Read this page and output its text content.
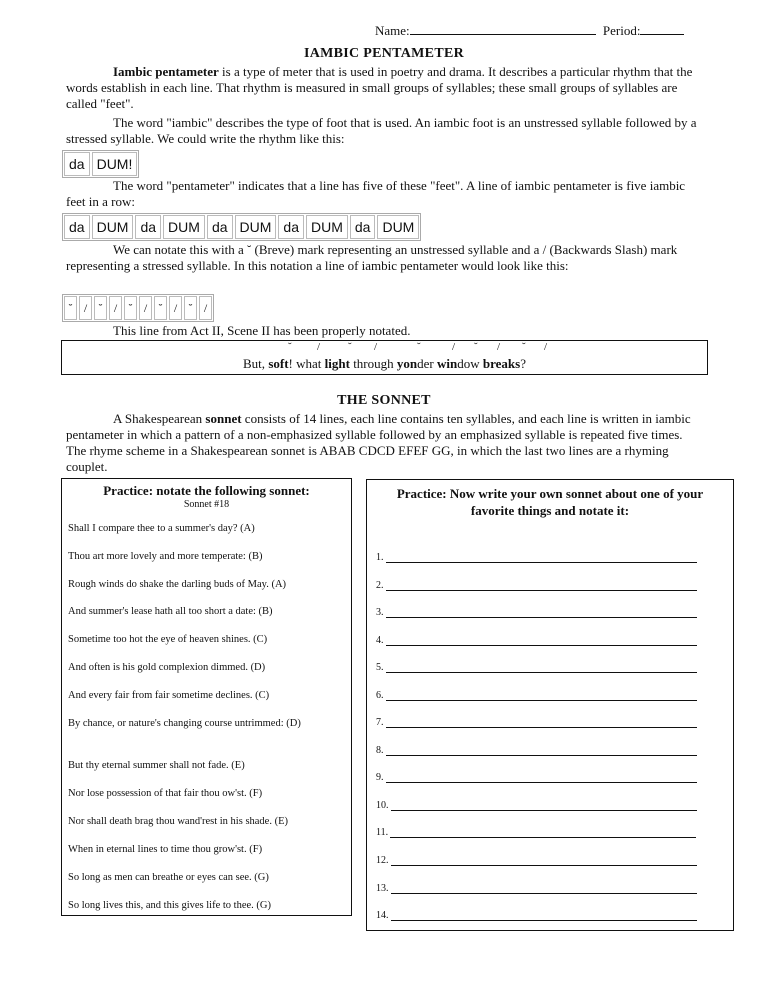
Name:	Period:
IAMBIC PENTAMETER
Iambic pentameter is a type of meter that is used in poetry and drama. It describes a particular rhythm that the words establish in each line. That rhythm is measured in small groups of syllables; these small groups of syllables are called "feet".
The word "iambic" describes the type of foot that is used. An iambic foot is an unstressed syllable followed by a stressed syllable. We could write the rhythm like this:
da DUM!
The word "pentameter" indicates that a line has five of these "feet". A line of iambic pentameter is five iambic feet in a row:
da DUM da DUM da DUM da DUM da DUM
We can notate this with a ˘ (Breve) mark representing an unstressed syllable and a / (Backwards Slash) mark representing a stressed syllable. In this notation a line of iambic pentameter would look like this:
˘ / ˘ / ˘ / ˘ / ˘ /
This line from Act II, Scene II has been properly notated.
˘ /	˘ /	˘	/ ˘ / ˘ /
But, soft! what light through yonder window breaks?
THE SONNET
A Shakespearean sonnet consists of 14 lines, each line contains ten syllables, and each line is written in iambic pentameter in which a pattern of a non-emphasized syllable followed by an emphasized syllable is repeated five times. The rhyme scheme in a Shakespearean sonnet is ABAB CDCD EFEF GG, in which the last two lines are a rhyming couplet.
Practice: notate the following sonnet:
Sonnet #18
Shall I compare thee to a summer's day? (A)
Thou art more lovely and more temperate: (B)
Rough winds do shake the darling buds of May. (A)
And summer's lease hath all too short a date: (B)
Sometime too hot the eye of heaven shines. (C)
And often is his gold complexion dimmed. (D)
And every fair from fair sometime declines. (C)
By chance, or nature's changing course untrimmed: (D)
But thy eternal summer shall not fade. (E)
Nor lose possession of that fair thou ow'st. (F)
Nor shall death brag thou wand'rest in his shade. (E)
When in eternal lines to time thou grow'st. (F)
So long as men can breathe or eyes can see. (G)
So long lives this, and this gives life to thee. (G)
Practice: Now write your own sonnet about one of your favorite things and notate it:
1.
2.
3.
4.
5.
6.
7.
8.
9.
10.
11.
12.
13.
14.
